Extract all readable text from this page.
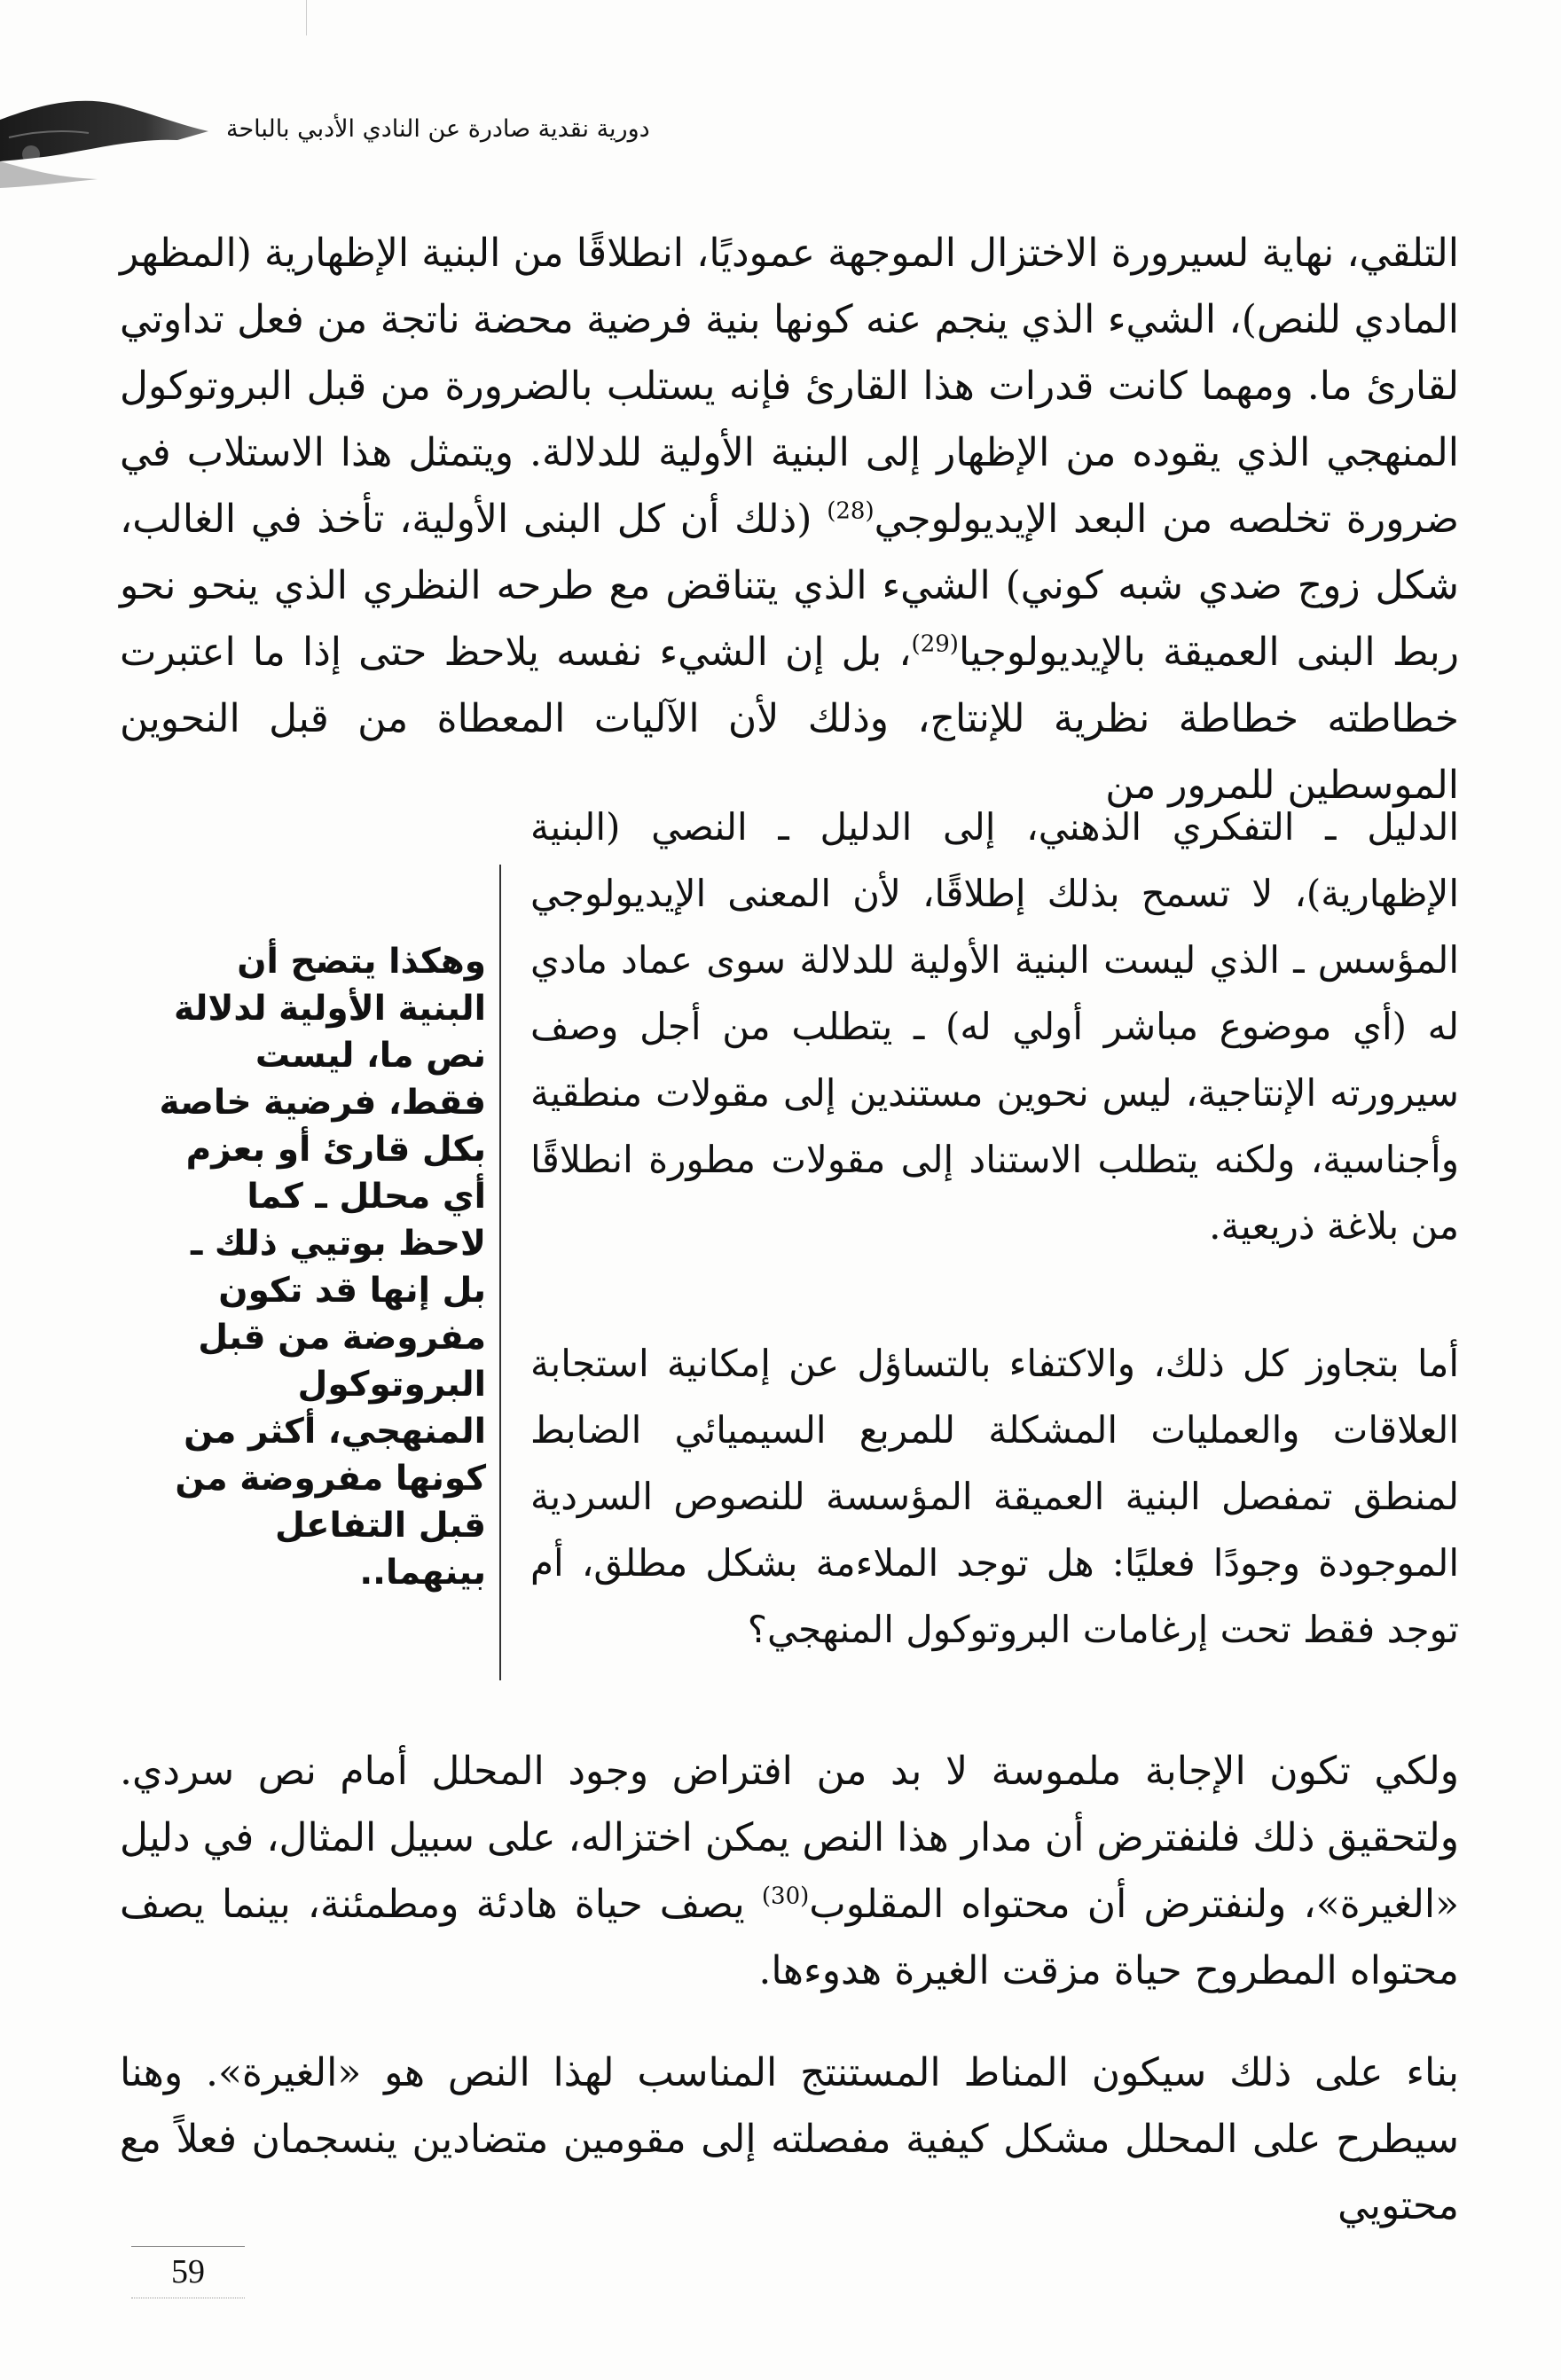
دورية نقدية صادرة عن النادي الأدبي بالباحة
التلقي، نهاية لسيرورة الاختزال الموجهة عموديًا، انطلاقًا من البنية الإظهارية (المظهر المادي للنص)، الشيء الذي ينجم عنه كونها بنية فرضية محضة ناتجة من فعل تداوتي لقارئ ما. ومهما كانت قدرات هذا القارئ فإنه يستلب بالضرورة من قبل البروتوكول المنهجي الذي يقوده من الإظهار إلى البنية الأولية للدلالة. ويتمثل هذا الاستلاب في ضرورة تخلصه من البعد الإيديولوجي$^{(28)}$ (ذلك أن كل البنى الأولية، تأخذ في الغالب، شكل زوج ضدي شبه كوني) الشيء الذي يتناقض مع طرحه النظري الذي ينحو نحو ربط البنى العميقة بالإيديولوجيا$^{(29)}$، بل إن الشيء نفسه يلاحظ حتى إذا ما اعتبرت خطاطته خطاطة نظرية للإنتاج، وذلك لأن الآليات المعطاة من قبل النحوين الموسطين للمرور من
الدليل ـ التفكري الذهني، إلى الدليل ـ النصي (البنية الإظهارية)، لا تسمح بذلك إطلاقًا، لأن المعنى الإيديولوجي المؤسس ـ الذي ليست البنية الأولية للدلالة سوى عماد مادي له (أي موضوع مباشر أولي له) ـ يتطلب من أجل وصف سيرورته الإنتاجية، ليس نحوين مستندين إلى مقولات منطقية وأجناسية، ولكنه يتطلب الاستناد إلى مقولات مطورة انطلاقًا من بلاغة ذريعية.
أما بتجاوز كل ذلك، والاكتفاء بالتساؤل عن إمكانية استجابة العلاقات والعمليات المشكلة للمربع السيميائي الضابط لمنطق تمفصل البنية العميقة المؤسسة للنصوص السردية الموجودة وجودًا فعليًا: هل توجد الملاءمة بشكل مطلق، أم توجد فقط تحت إرغامات البروتوكول المنهجي؟
وهكذا يتضح أن البنية الأولية لدلالة نص ما، ليست فقط، فرضية خاصة بكل قارئ أو بعزم أي محلل ـ كما لاحظ بوتيي ذلك ـ بل إنها قد تكون مفروضة من قبل البروتوكول المنهجي، أكثر من كونها مفروضة من قبل التفاعل بينهما..
ولكي تكون الإجابة ملموسة لا بد من افتراض وجود المحلل أمام نص سردي. ولتحقيق ذلك فلنفترض أن مدار هذا النص يمكن اختزاله، على سبيل المثال، في دليل «الغيرة»، ولنفترض أن محتواه المقلوب$^{(30)}$ يصف حياة هادئة ومطمئنة، بينما يصف محتواه المطروح حياة مزقت الغيرة هدوءها.
بناء على ذلك سيكون المناط المستنتج المناسب لهذا النص هو «الغيرة». وهنا سيطرح على المحلل مشكل كيفية مفصلته إلى مقومين متضادين ينسجمان فعلاً مع محتويي
59
